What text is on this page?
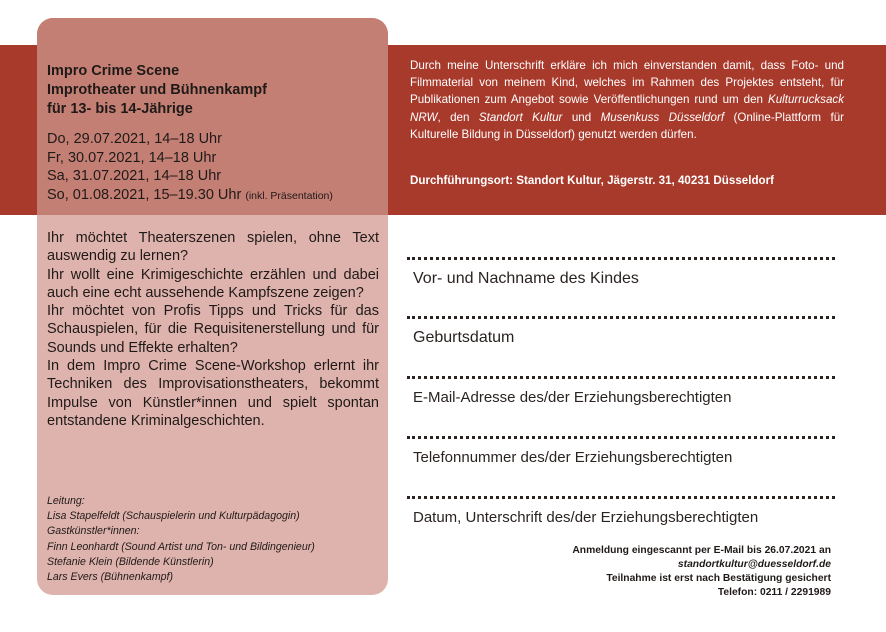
Impro Crime Scene
Improtheater und Bühnenkampf
für 13- bis 14-Jährige
Do, 29.07.2021, 14–18 Uhr
Fr, 30.07.2021, 14–18 Uhr
Sa, 31.07.2021, 14–18 Uhr
So, 01.08.2021, 15–19.30 Uhr (inkl. Präsentation)

Ihr möchtet Theaterszenen spielen, ohne Text auswendig zu lernen?

Ihr wollt eine Krimigeschichte erzählen und dabei auch eine echt aussehende Kampfszene zeigen?

Ihr möchtet von Profis Tipps und Tricks für das Schauspielen, für die Requisitenerstellung und für Sounds und Effekte erhalten?

In dem Impro Crime Scene-Workshop erlernt ihr Techniken des Improvisationstheaters, bekommt Impulse von Künstler*innen und spielt spontan entstandene Kriminalgeschichten.

Leitung:
Lisa Stapelfeldt (Schauspielerin und Kulturpädagogin)
Gastkünstler*innen:
Finn Leonhardt (Sound Artist und Ton- und Bildingenieur)
Stefanie Klein (Bildende Künstlerin)
Lars Evers (Bühnenkampf)
Durch meine Unterschrift erkläre ich mich einverstanden damit, dass Foto- und Filmmaterial von meinem Kind, welches im Rahmen des Projektes entsteht, für Publikationen zum Angebot sowie Veröffentlichungen rund um den Kulturrucksack NRW, den Standort Kultur und Musenkuss Düsseldorf (Online-Plattform für Kulturelle Bildung in Düsseldorf) genutzt werden dürfen.
Durchführungsort: Standort Kultur, Jägerstr. 31, 40231 Düsseldorf
Vor- und Nachname des Kindes
Geburtsdatum
E-Mail-Adresse des/der Erziehungsberechtigten
Telefonnummer des/der Erziehungsberechtigten
Datum, Unterschrift des/der Erziehungsberechtigten
Anmeldung eingescannt per E-Mail bis 26.07.2021 an
standortkultur@duesseldorf.de
Teilnahme ist erst nach Bestätigung gesichert
Telefon: 0211 / 2291989
